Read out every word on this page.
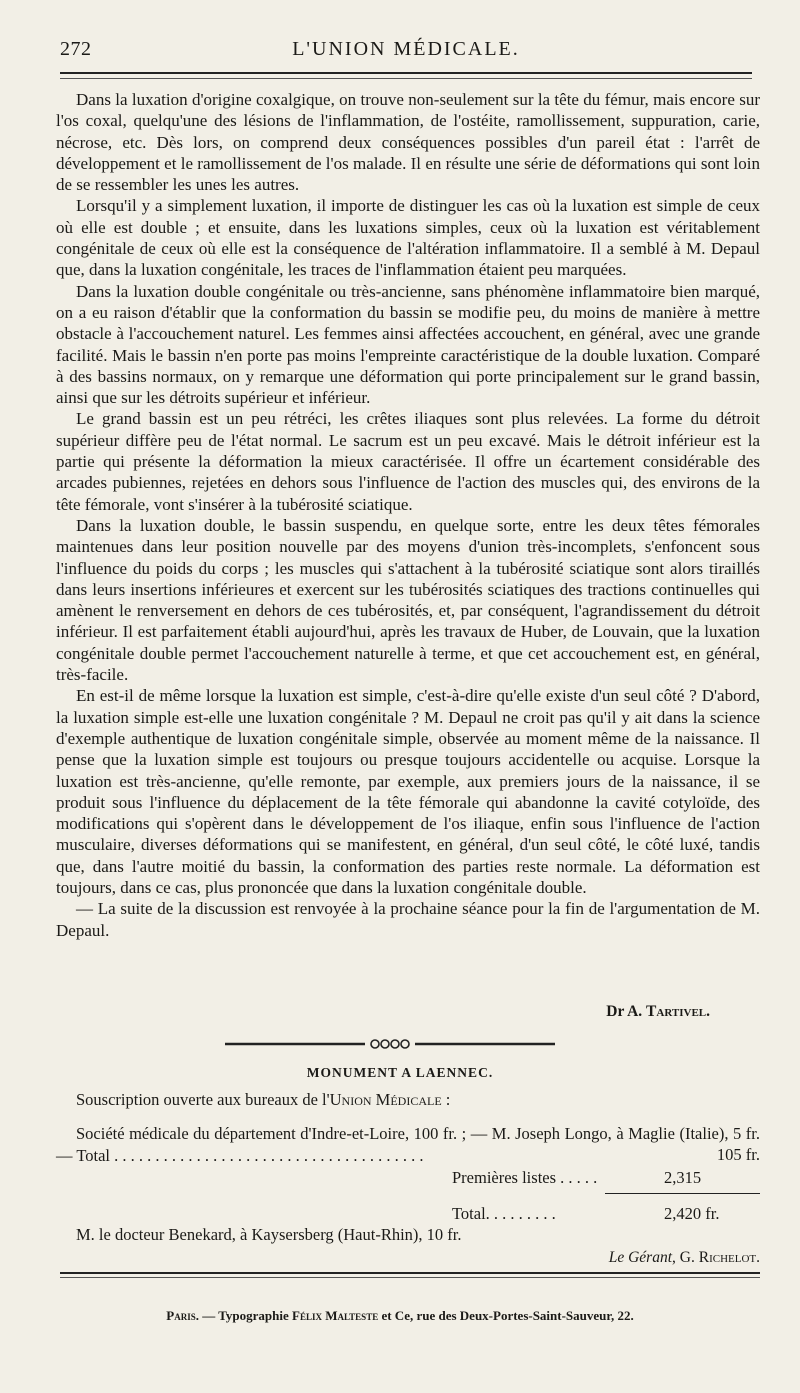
272	L'UNION MÉDICALE.

Dans la luxation d'origine coxalgique, on trouve non-seulement sur la tête du fémur, mais encore sur l'os coxal, quelqu'une des lésions de l'inflammation, de l'ostéite, ramollissement, suppuration, carie, nécrose, etc. Dès lors, on comprend deux conséquences possibles d'un pareil état : l'arrêt de développement et le ramollissement de l'os malade. Il en résulte une série de déformations qui sont loin de se ressembler les unes les autres.

Lorsqu'il y a simplement luxation, il importe de distinguer les cas où la luxation est simple de ceux où elle est double ; et ensuite, dans les luxations simples, ceux où la luxation est véritablement congénitale de ceux où elle est la conséquence de l'altération inflammatoire. Il a semblé à M. Depaul que, dans la luxation congénitale, les traces de l'inflammation étaient peu marquées.

Dans la luxation double congénitale ou très-ancienne, sans phénomène inflammatoire bien marqué, on a eu raison d'établir que la conformation du bassin se modifie peu, du moins de manière à mettre obstacle à l'accouchement naturel. Les femmes ainsi affectées accouchent, en général, avec une grande facilité. Mais le bassin n'en porte pas moins l'empreinte caractéristique de la double luxation. Comparé à des bassins normaux, on y remarque une déformation qui porte principalement sur le grand bassin, ainsi que sur les détroits supérieur et inférieur.

Le grand bassin est un peu rétréci, les crêtes iliaques sont plus relevées. La forme du détroit supérieur diffère peu de l'état normal. Le sacrum est un peu excavé. Mais le détroit inférieur est la partie qui présente la déformation la mieux caractérisée. Il offre un écartement considérable des arcades pubiennes, rejetées en dehors sous l'influence de l'action des muscles qui, des environs de la tête fémorale, vont s'insérer à la tubérosité sciatique.

Dans la luxation double, le bassin suspendu, en quelque sorte, entre les deux têtes fémorales maintenues dans leur position nouvelle par des moyens d'union très-incomplets, s'enfoncent sous l'influence du poids du corps ; les muscles qui s'attachent à la tubérosité sciatique sont alors tiraillés dans leurs insertions inférieures et exercent sur les tubérosités sciatiques des tractions continuelles qui amènent le renversement en dehors de ces tubérosités, et, par conséquent, l'agrandissement du détroit inférieur. Il est parfaitement établi aujourd'hui, après les travaux de Huber, de Louvain, que la luxation congénitale double permet l'accouchement naturelle à terme, et que cet accouchement est, en général, très-facile.

En est-il de même lorsque la luxation est simple, c'est-à-dire qu'elle existe d'un seul côté ? D'abord, la luxation simple est-elle une luxation congénitale ? M. Depaul ne croit pas qu'il y ait dans la science d'exemple authentique de luxation congénitale simple, observée au moment même de la naissance. Il pense que la luxation simple est toujours ou presque toujours accidentelle ou acquise. Lorsque la luxation est très-ancienne, qu'elle remonte, par exemple, aux premiers jours de la naissance, il se produit sous l'influence du déplacement de la tête fémorale qui abandonne la cavité cotyloïde, des modifications qui s'opèrent dans le développement de l'os iliaque, enfin sous l'influence de l'action musculaire, diverses déformations qui se manifestent, en général, d'un seul côté, le côté luxé, tandis que, dans l'autre moitié du bassin, la conformation des parties reste normale. La déformation est toujours, dans ce cas, plus prononcée que dans la luxation congénitale double.

— La suite de la discussion est renvoyée à la prochaine séance pour la fin de l'argumentation de M. Depaul.

Dr A. Tartivel.
MONUMENT A LAENNEC.
Souscription ouverte aux bureaux de l'Union Médicale :
Société médicale du département d'Indre-et-Loire, 100 fr. ; — M. Joseph Longo, à Maglie (Italie), 5 fr. — Total . . . . . . . . . . . . . . . . . . . . . . . . . . . . . . . . . . . . . .	105 fr.
Premières listes . . . . .	2,315
Total. . . . . . . . .	2,420 fr.
M. le docteur Benekard, à Kaysersberg (Haut-Rhin), 10 fr.
Le Gérant, G. Richelot.
Paris. — Typographie Félix Malteste et Ce, rue des Deux-Portes-Saint-Sauveur, 22.
